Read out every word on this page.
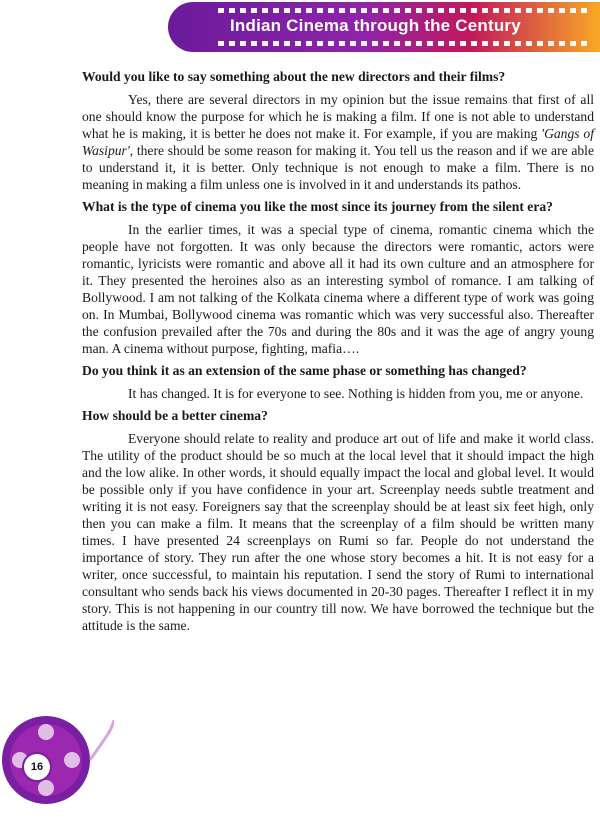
Indian Cinema through the Century

Would you like to say something about the new directors and their films?

Yes, there are several directors in my opinion but the issue remains that first of all one should know the purpose for which he is making a film. If one is not able to understand what he is making, it is better he does not make it. For example, if you are making 'Gangs of Wasipur', there should be some reason for making it. You tell us the reason and if we are able to understand it, it is better. Only technique is not enough to make a film. There is no meaning in making a film unless one is involved in it and understands its pathos.

What is the type of cinema you like the most since its journey from the silent era?

In the earlier times, it was a special type of cinema, romantic cinema which the people have not forgotten. It was only because the directors were romantic, actors were romantic, lyricists were romantic and above all it had its own culture and an atmosphere for it. They presented the heroines also as an interesting symbol of romance. I am talking of Bollywood. I am not talking of the Kolkata cinema where a different type of work was going on. In Mumbai, Bollywood cinema was romantic which was very successful also. Thereafter the confusion prevailed after the 70s and during the 80s and it was the age of angry young man. A cinema without purpose, fighting, mafia….

Do you think it as an extension of the same phase or something has changed?

It has changed. It is for everyone to see. Nothing is hidden from you, me or anyone.

How should be a better cinema?

Everyone should relate to reality and produce art out of life and make it world class. The utility of the product should be so much at the local level that it should impact the high and the low alike. In other words, it should equally impact the local and global level. It would be possible only if you have confidence in your art. Screenplay needs subtle treatment and writing it is not easy. Foreigners say that the screenplay should be at least six feet high, only then you can make a film. It means that the screenplay of a film should be written many times. I have presented 24 screenplays on Rumi so far. People do not understand the importance of story. They run after the one whose story becomes a hit. It is not easy for a writer, once successful, to maintain his reputation. I send the story of Rumi to international consultant who sends back his views documented in 20-30 pages. Thereafter I reflect it in my story. This is not happening in our country till now. We have borrowed the technique but the attitude is the same.

16
